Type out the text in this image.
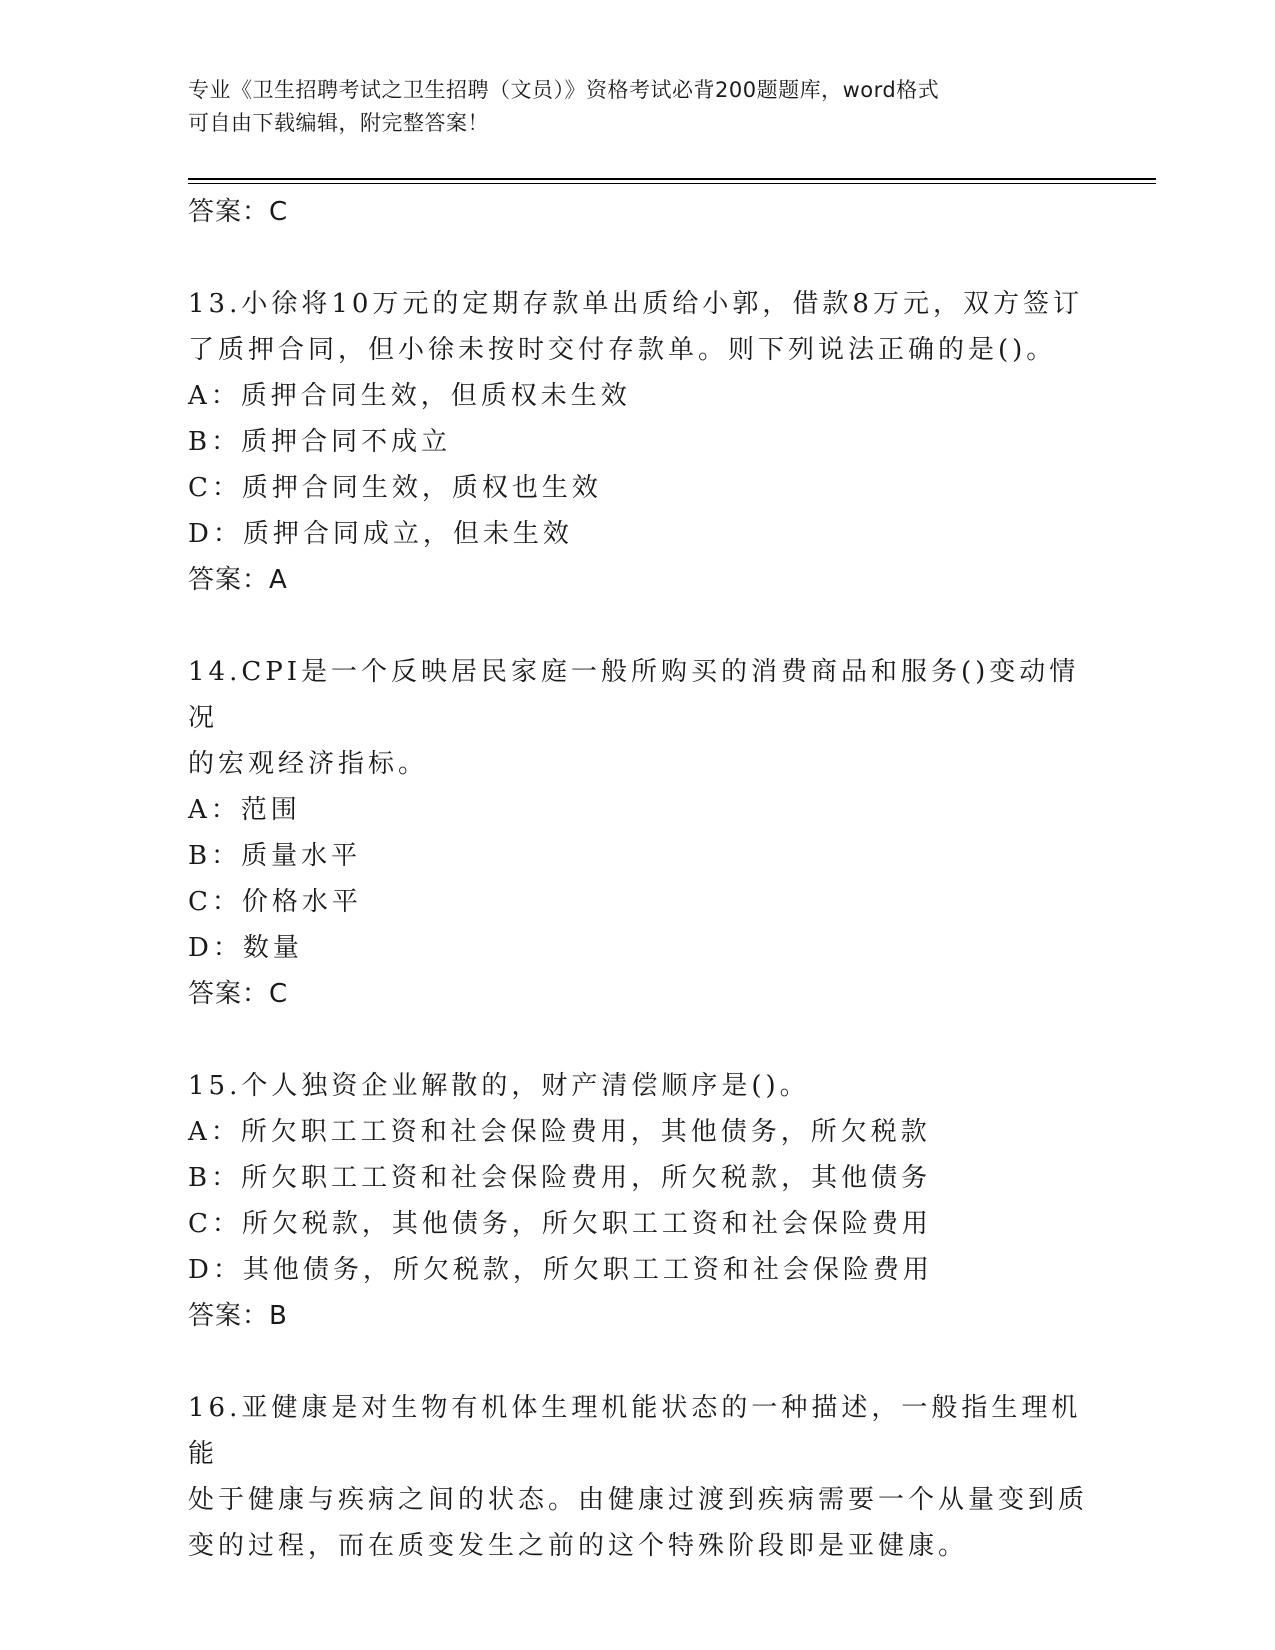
专业《卫生招聘考试之卫生招聘（文员）》资格考试必背200题题库，word格式
可自由下载编辑，附完整答案！
答案：C
13.小徐将10万元的定期存款单出质给小郭，借款8万元，双方签订
了质押合同，但小徐未按时交付存款单。则下列说法正确的是()。
A：质押合同生效，但质权未生效
B：质押合同不成立
C：质押合同生效，质权也生效
D：质押合同成立，但未生效
答案：A
14.CPI是一个反映居民家庭一般所购买的消费商品和服务()变动情况
的宏观经济指标。
A：范围
B：质量水平
C：价格水平
D：数量
答案：C
15.个人独资企业解散的，财产清偿顺序是()。
A：所欠职工工资和社会保险费用，其他债务，所欠税款
B：所欠职工工资和社会保险费用，所欠税款，其他债务
C：所欠税款，其他债务，所欠职工工资和社会保险费用
D：其他债务，所欠税款，所欠职工工资和社会保险费用
答案：B
16.亚健康是对生物有机体生理机能状态的一种描述，一般指生理机能
处于健康与疾病之间的状态。由健康过渡到疾病需要一个从量变到质
变的过程，而在质变发生之前的这个特殊阶段即是亚健康。
